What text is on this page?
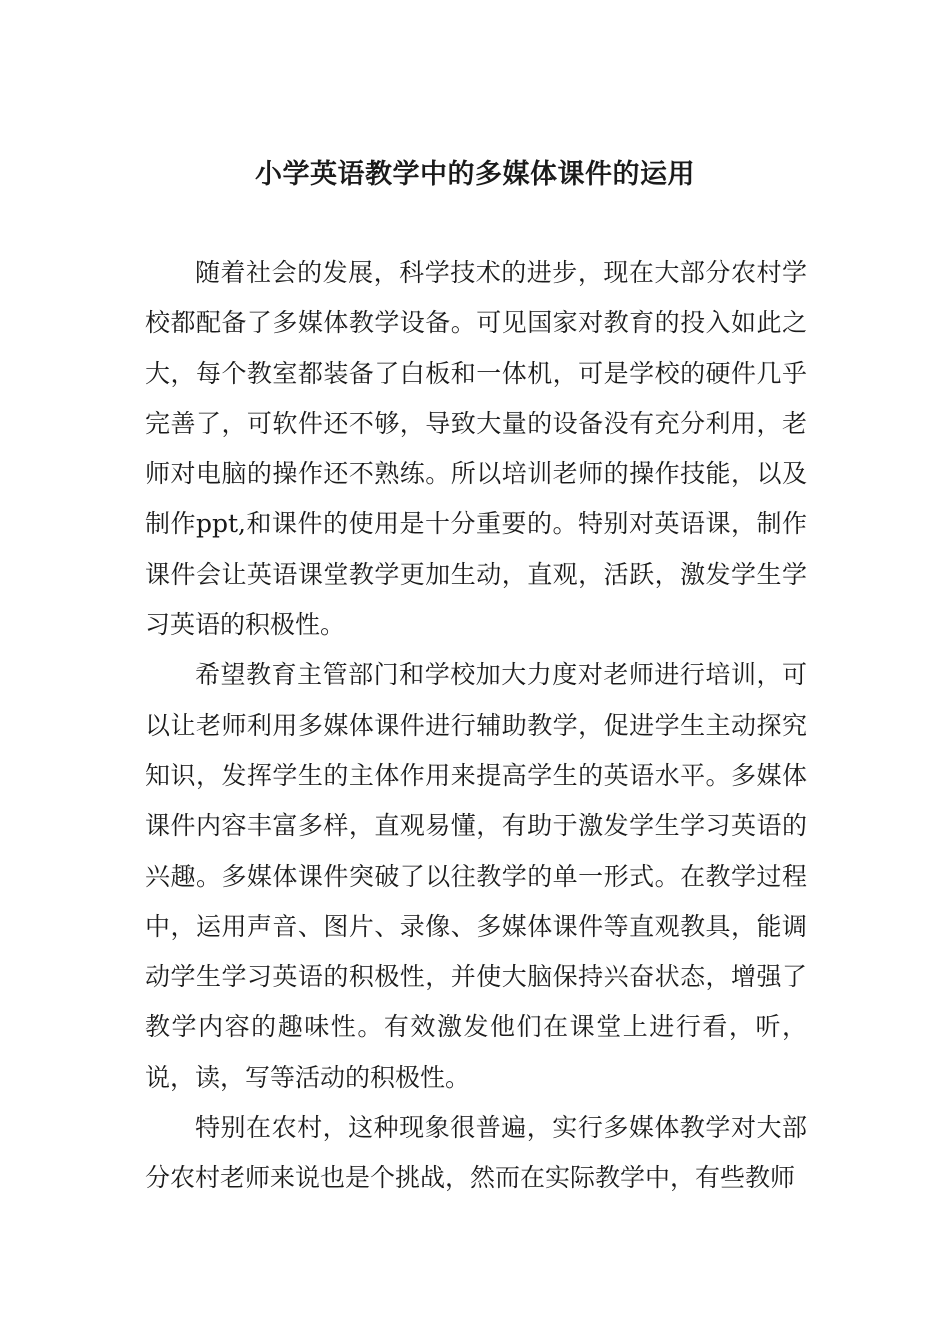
小学英语教学中的多媒体课件的运用

随着社会的发展，科学技术的进步，现在大部分农村学校都配备了多媒体教学设备。可见国家对教育的投入如此之大，每个教室都装备了白板和一体机，可是学校的硬件几乎完善了，可软件还不够，导致大量的设备没有充分利用，老师对电脑的操作还不熟练。所以培训老师的操作技能，以及制作ppt,和课件的使用是十分重要的。特别对英语课，制作课件会让英语课堂教学更加生动，直观，活跃，激发学生学习英语的积极性。

希望教育主管部门和学校加大力度对老师进行培训，可以让老师利用多媒体课件进行辅助教学，促进学生主动探究知识，发挥学生的主体作用来提高学生的英语水平。多媒体课件内容丰富多样，直观易懂，有助于激发学生学习英语的兴趣。多媒体课件突破了以往教学的单一形式。在教学过程中，运用声音、图片、录像、多媒体课件等直观教具，能调动学生学习英语的积极性，并使大脑保持兴奋状态，增强了教学内容的趣味性。有效激发他们在课堂上进行看，听，说，读，写等活动的积极性。

特别在农村，这种现象很普遍，实行多媒体教学对大部分农村老师来说也是个挑战，然而在实际教学中，有些教师
